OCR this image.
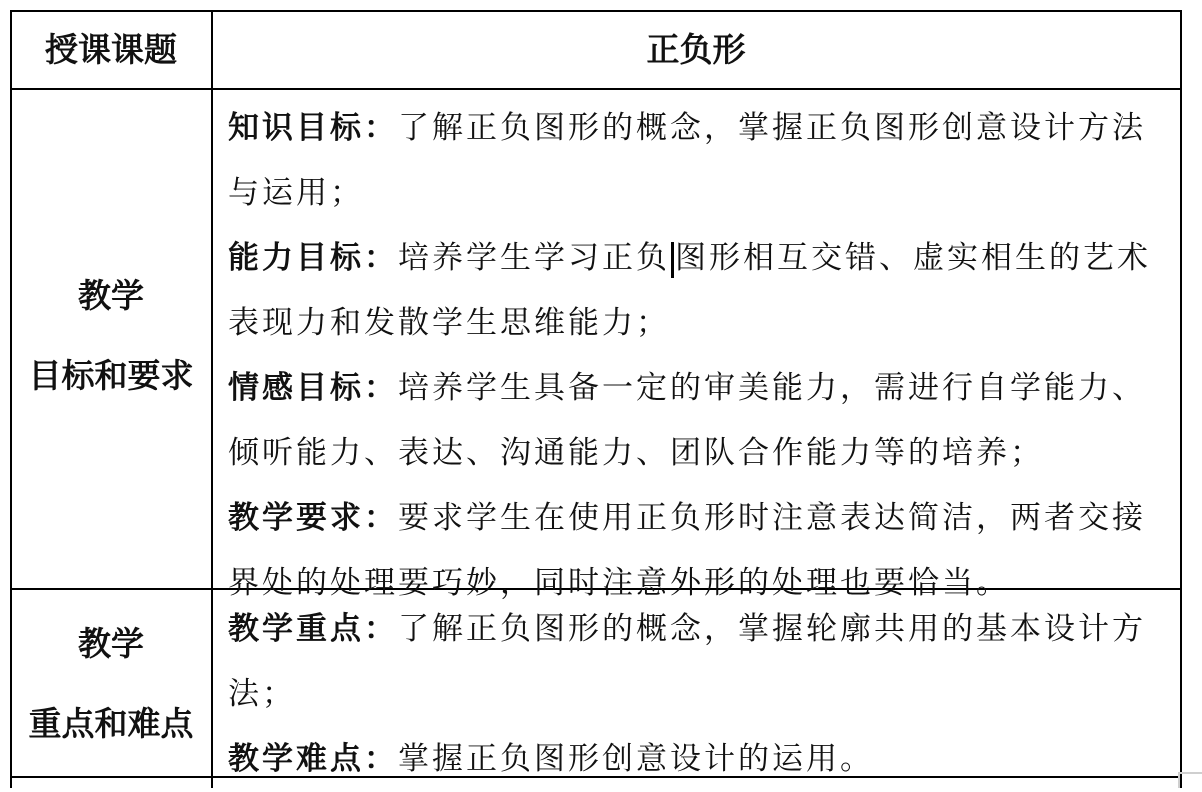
授课课题	正负形
教学
目标和要求
知识目标：了解正负图形的概念，掌握正负图形创意设计方法
与运用；
能力目标：培养学生学习正负 图形相互交错、虚实相生的艺术
表现力和发散学生思维能力；
情感目标：培养学生具备一定的审美能力，需进行自学能力、
倾听能力、表达、沟通能力、团队合作能力等的培养；
教学要求：要求学生在使用正负形时注意表达简洁，两者交接
界处的处理要巧妙，同时注意外形的处理也要恰当。
教学
重点和难点
教学重点：了解正负图形的概念，掌握轮廓共用的基本设计方
法；
教学难点：掌握正负图形创意设计的运用。
